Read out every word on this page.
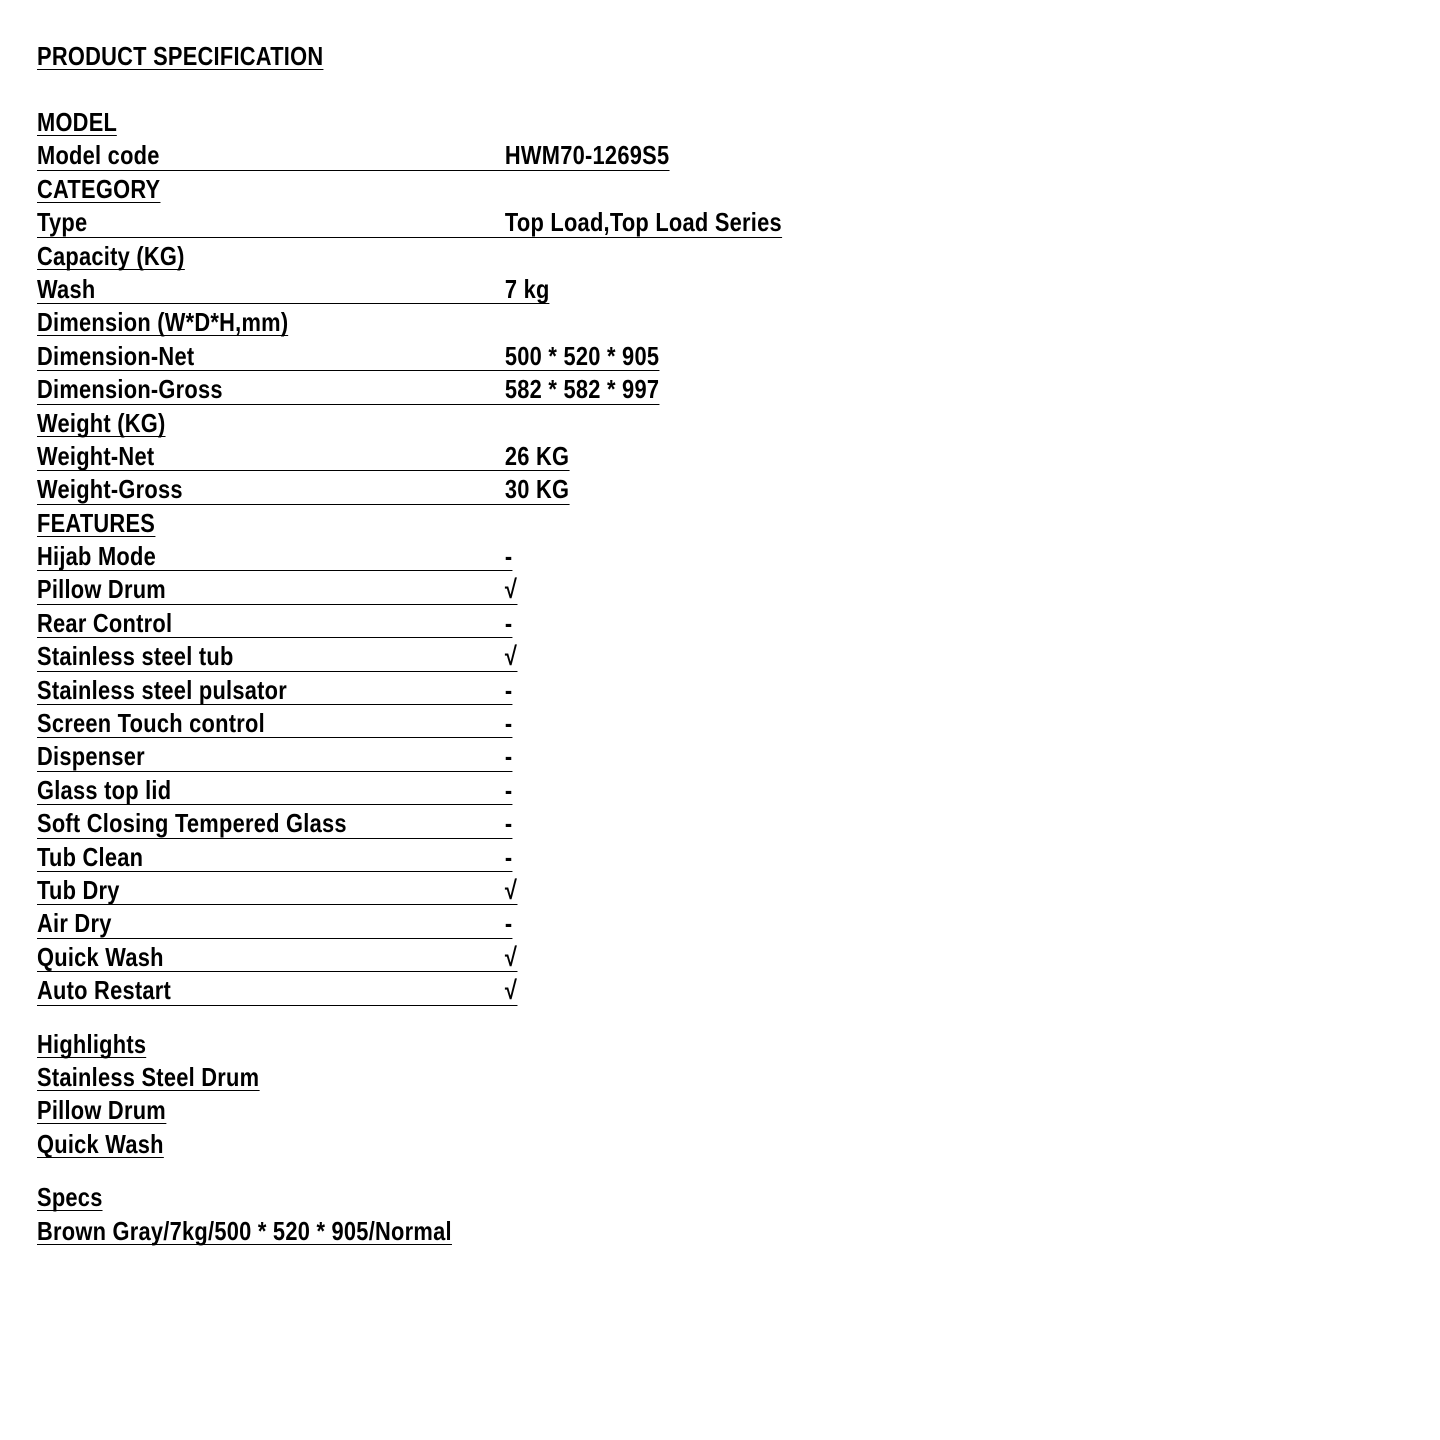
PRODUCT SPECIFICATION
MODEL
Model code	HWM70-1269S5
CATEGORY
Type	Top Load,Top Load Series
Capacity (KG)
Wash	7 kg
Dimension (W*D*H,mm)
Dimension-Net	500 * 520 * 905
Dimension-Gross	582 * 582 * 997
Weight (KG)
Weight-Net	26 KG
Weight-Gross	30 KG
FEATURES
Hijab Mode	-
Pillow Drum	√
Rear Control	-
Stainless steel tub	√
Stainless steel pulsator	-
Screen Touch control	-
Dispenser	-
Glass top lid	-
Soft Closing Tempered Glass	-
Tub Clean	-
Tub Dry	√
Air Dry	-
Quick Wash	√
Auto Restart	√
Highlights
Stainless Steel Drum
Pillow Drum
Quick Wash
Specs
Brown Gray/7kg/500 * 520 * 905/Normal
